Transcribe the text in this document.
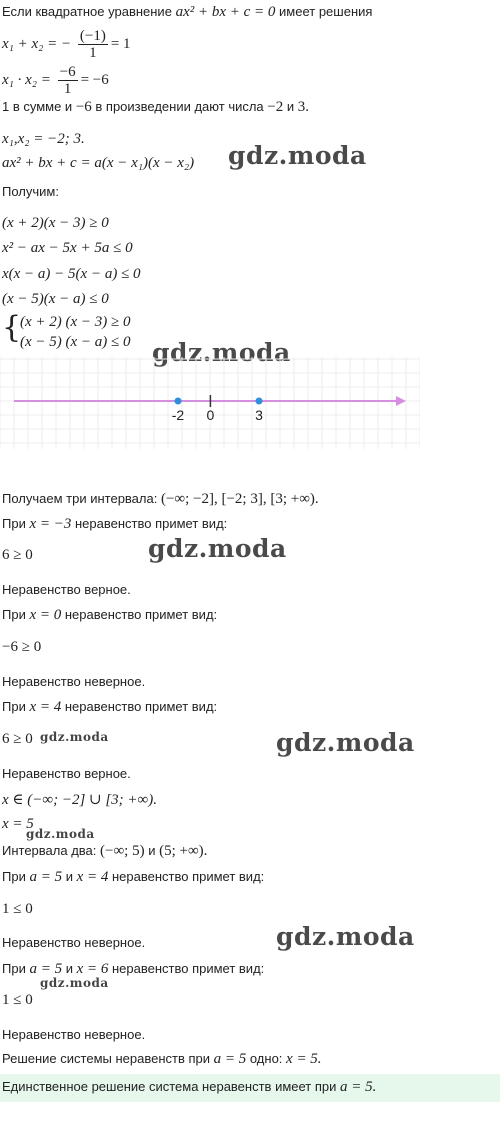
Если квадратное уравнение ax² + bx + c = 0 имеет решения
x₁ + x₂ = − $\frac{(-1)}{1} = 1$
$x_1 \cdot x_2 = \frac{-6}{1} = -6$
1 в сумме и −6 в произведении дают числа −2 и 3.
x₁,x₂ = −2; 3.
ax² + bx + c = a(x − x₁)(x − x₂) gdz.moda
Получим:
(x + 2)(x − 3) ≥ 0
x² − ax − 5x + 5a ≤ 0
x(x − a) − 5(x − a) ≤ 0
(x − 5)(x − a) ≤ 0
{
(x + 2) (x − 3) ≥ 0
(x − 5) (x − a) ≤ 0 gdz.moda
-2 0	3
Получаем три интервала: (−∞; −2], [−2; 3], [3; +∞).
При x = −3 неравенство примет вид:
6 ≥ 0	gdz.moda
Неравенство верное.
При x = 0 неравенство примет вид:
−6 ≥ 0
Неравенство неверное.
При x = 4 неравенство примет вид:
6 ≥ 0 gdz.moda	gdz.moda
Неравенство верное.
x ∈ (−∞; −2] ∪ [3; +∞).
x = 5
gdz.moda
Интервала два: (−∞; 5) и (5; +∞).
При a = 5 и x = 4 неравенство примет вид:
1 ≤ 0
Неравенство неверное.	gdz.moda
При a = 5 и x = 6 неравенство примет вид:
gdz.moda
1 ≤ 0
Неравенство неверное.
Решение системы неравенств при a = 5 одно: x = 5.
Единственное решение система неравенств имеет при a = 5.
